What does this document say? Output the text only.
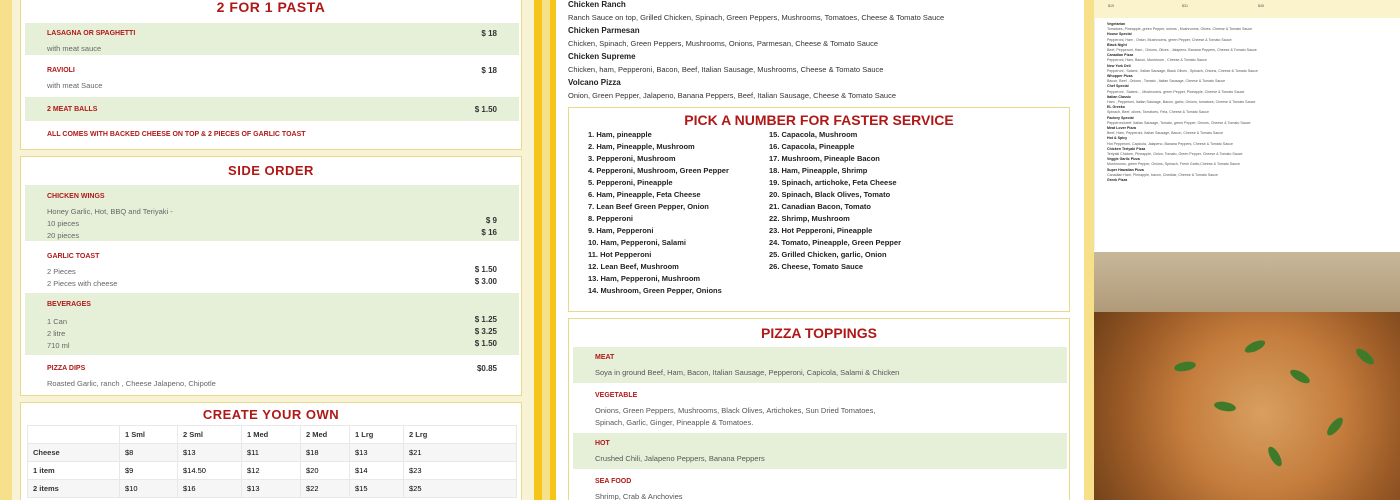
2 FOR 1 PASTA
LASAGNA OR SPAGHETTI
with meat sauce
$ 18
RAVIOLI
with meat Sauce
$ 18
2 MEAT BALLS	$ 1.50
ALL COMES WITH BACKED CHEESE ON TOP & 2 PIECES OF GARLIC TOAST
SIDE ORDER
CHICKEN WINGS
Honey Garlic, Hot, BBQ and Teriyaki -
10 pieces	$ 9
20 pieces	$ 16
GARLIC TOAST
2 Pieces	$ 1.50
2 Pieces with cheese	$ 3.00
BEVERAGES
1 Can	$ 1.25
2 litre	$ 3.25
710 ml	$ 1.50
PIZZA DIPS
Roasted Garlic, ranch , Cheese Jalapeno, Chipotle
$0.85
CREATE YOUR OWN
	1 Sml	2 Sml	1 Med	2 Med	1 Lrg	2 Lrg
Cheese	$8	$13	$11	$18	$13	$21
1 item	$9	$14.50	$12	$20	$14	$23
2 items	$10	$16	$13	$22	$15	$25
Chicken Ranch
Ranch Sauce on top, Grilled Chicken, Spinach, Green Peppers, Mushrooms, Tomatoes, Cheese & Tomato Sauce
Chicken Parmesan
Chicken, Spinach, Green Peppers, Mushrooms, Onions, Parmesan, Cheese & Tomato Sauce
Chicken Supreme
Chicken, ham, Pepperoni, Bacon, Beef, Italian Sausage, Mushrooms, Cheese & Tomato Sauce
Volcano Pizza
Onion, Green Pepper, Jalapeno, Banana Peppers, Beef, Italian Sausage, Cheese & Tomato Sauce
PICK A NUMBER FOR FASTER SERVICE
1. Ham, pineapple
2. Ham, Pineapple, Mushroom
3. Pepperoni, Mushroom
4. Pepperoni, Mushroom, Green Pepper
5. Pepperoni, Pineapple
6. Ham, Pineapple, Feta Cheese
7. Lean Beef Green Pepper, Onion
8. Pepperoni
9. Ham, Pepperoni
10. Ham, Pepperoni, Salami
11. Hot Pepperoni
12. Lean Beef, Mushroom
13. Ham, Pepperoni, Mushroom
14. Mushroom, Green Pepper, Onions
15. Capacola, Mushroom
16. Capacola, Pineapple
17. Mushroom, Pineaple Bacon
18. Ham, Pineapple, Shrimp
19. Spinach, artichoke, Feta Cheese
20. Spinach, Black Olives, Tomato
21. Canadian Bacon, Tomato
22. Shrimp, Mushroom
23. Hot Pepperoni, Pineapple
24. Tomato, Pineapple, Green Pepper
25. Grilled Chicken, garlic, Onion
26. Cheese, Tomato Sauce
PIZZA TOPPINGS
MEAT
Soya in ground Beef, Ham, Bacon, Italian Sausage, Pepperoni, Capicola, Salami & Chicken
VEGETABLE
Onions, Green Peppers, Mushrooms, Black Olives, Artichokes, Sun Dried Tomatoes, Spinach, Garlic, Ginger, Pineapple & Tomatoes.
HOT
Crushed Chili, Jalapeno Peppers, Banana Peppers
SEA FOOD
Shrimp, Crab & Anchovies
$19	$31	$45
Vegetarian
Tomatoes, Pineapple, green Pepper, onions , Mushrooms, Olives, Cheese & Tomato Sauce
House Special
Pepperoni, Ham , Onion, Mushrooms, green Pepper, Cheese & Tomato Sauce
Black Night
Beef, Pepperoni, Ham , Onions, Olives , Jalapeno, Banana Peppers, Cheese & Tomato Sauce
Canadian Pizza
Pepperoni, Ham, Bacon, Mushroom , Cheese & Tomato Sauce
New York Deli
Pepperoni , Salami , Italian Sausage, Black Olives , Spinach, Onions, Cheese & Tomato Sauce
Whopper Pizza
Bacon, Beef , Onions , Tomato , Italian Sausage, Cheese & Tomato Sauce
Chef Special
Pepperoni , Salami , , Mushrooms, green Pepper, Pineapple, Cheese & Tomato Sauce
Italian Classic
Ham , Pepperoni, Italian Sausage, Bacon, garlic, Onions, tomatoes, Cheese & Tomato Sauce
EL Greeko
Spinach, Beef, olives, Tomatoes, Feta, Cheese & Tomato Sauce
Factory Special
Pepperoni,beef, Italian Sausage, Tomato, green Pepper, Onions, Cheese & Tomato Sauce
Meat Lover Pizza
Beef, Ham, Pepperoni, Italian Sausage, Bacon, Cheese & Tomato Sauce
Hot & Spicy
Hot Pepperoni, Capicola, Jalapeno, Banana Peppers, Cheese & Tomato Sauce
Chicken Teriyaki Pizza
Teriyaki Chicken, Pineapple, Onion, Tomato, Green Pepper, Cheese & Tomato Sauce
Veggie Garlic Pizza
Mushrooms, green Pepper, Onions, Spinach, Fresh Garlic,Cheese & Tomato Sauce
Super Hawaiian Pizza
Canadian Ham, Pineapple, bacon, Cheddar, Cheese & Tomato Sauce
Greek Pizza
